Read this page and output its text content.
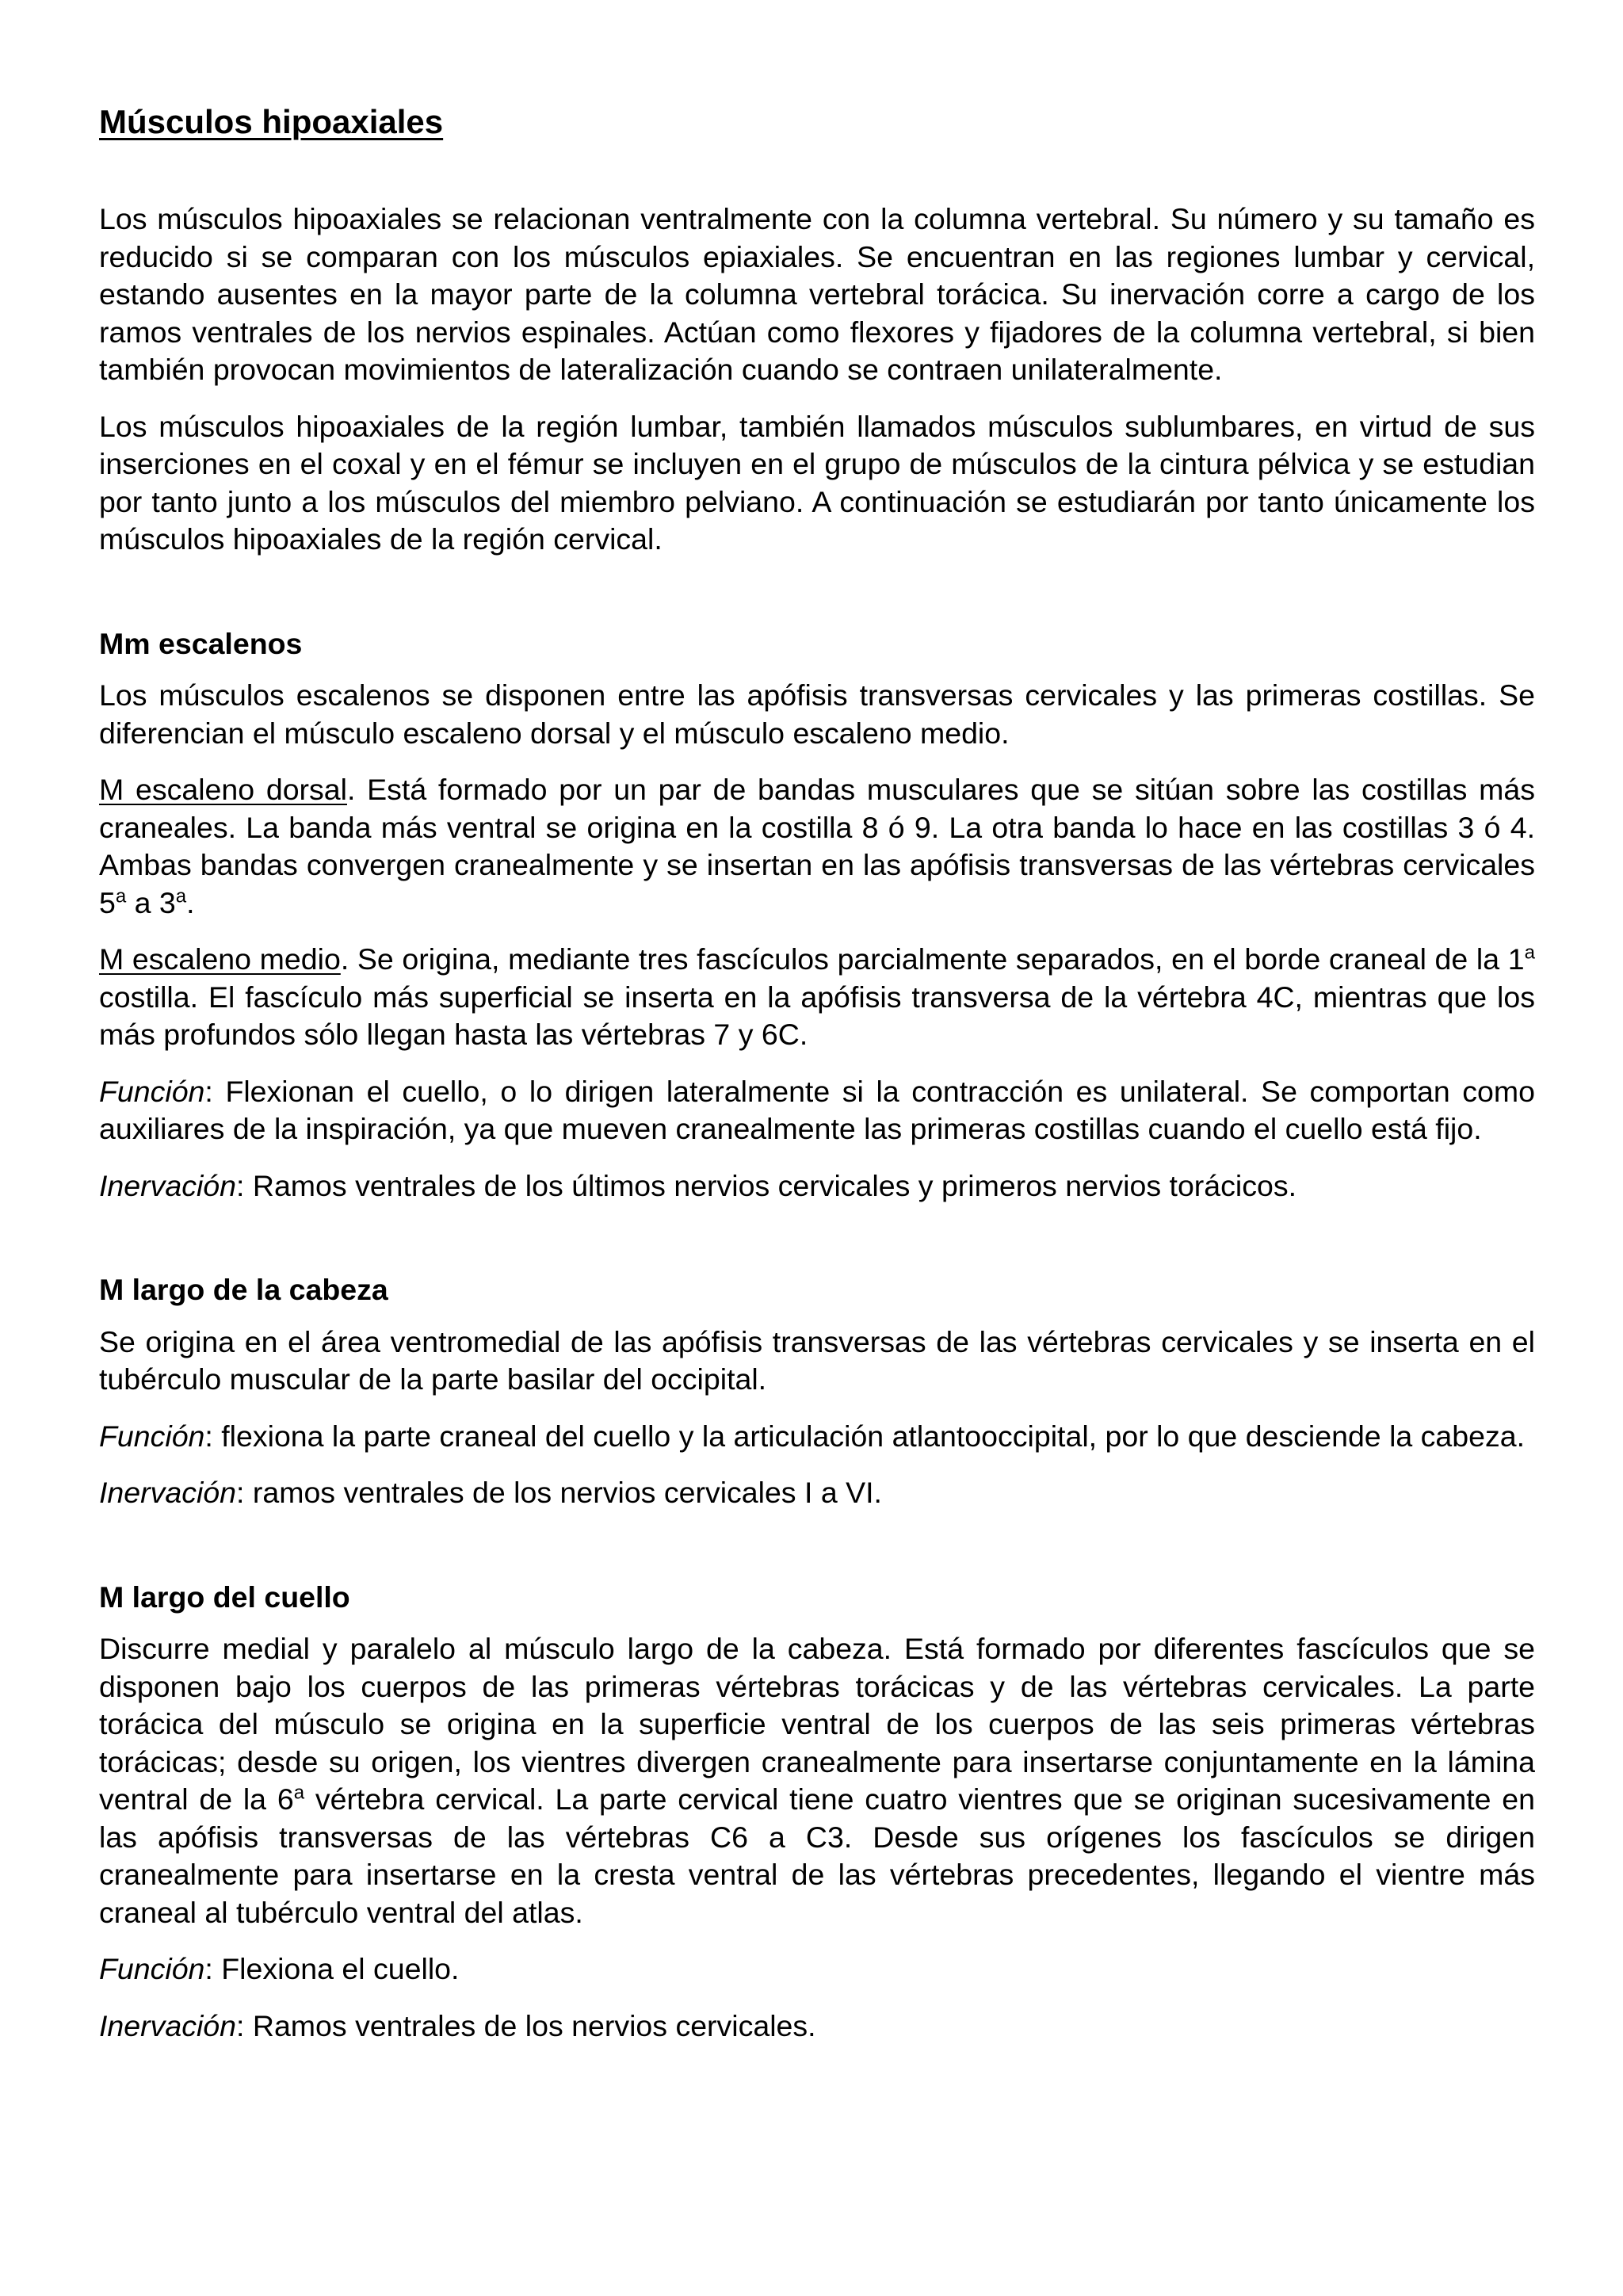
Músculos hipoaxiales

Los músculos hipoaxiales se relacionan ventralmente con la columna vertebral. Su número y su tamaño es reducido si se comparan con los músculos epiaxiales. Se encuentran en las regiones lumbar y cervical, estando ausentes en la mayor parte de la columna vertebral torácica. Su inervación corre a cargo de los ramos ventrales de los nervios espinales. Actúan como flexores y fijadores de la columna vertebral, si bien también provocan movimientos de lateralización cuando se contraen unilateralmente.

Los músculos hipoaxiales de la región lumbar, también llamados músculos sublumbares, en virtud de sus inserciones en el coxal y en el fémur se incluyen en el grupo de músculos de la cintura pélvica y se estudian por tanto junto a los músculos del miembro pelviano. A continuación se estudiarán por tanto únicamente los músculos hipoaxiales de la región cervical.

Mm escalenos

Los músculos escalenos se disponen entre las apófisis transversas cervicales y las primeras costillas. Se diferencian el músculo escaleno dorsal y el músculo escaleno medio.

M escaleno dorsal. Está formado por un par de bandas musculares que se sitúan sobre las costillas más craneales. La banda más ventral se origina en la costilla 8 ó 9. La otra banda lo hace en las costillas 3 ó 4. Ambas bandas convergen cranealmente y se insertan en las apófisis transversas de las vértebras cervicales 5$^a$ a 3$^a$.

M escaleno medio. Se origina, mediante tres fascículos parcialmente separados, en el borde craneal de la 1$^a$ costilla. El fascículo más superficial se inserta en la apófisis transversa de la vértebra 4C, mientras que los más profundos sólo llegan hasta las vértebras 7 y 6C.

Función: Flexionan el cuello, o lo dirigen lateralmente si la contracción es unilateral. Se comportan como auxiliares de la inspiración, ya que mueven cranealmente las primeras costillas cuando el cuello está fijo.

Inervación: Ramos ventrales de los últimos nervios cervicales y primeros nervios torácicos.

M largo de la cabeza

Se origina en el área ventromedial de las apófisis transversas de las vértebras cervicales y se inserta en el tubérculo muscular de la parte basilar del occipital.

Función: flexiona la parte craneal del cuello y la articulación atlantooccipital, por lo que desciende la cabeza.

Inervación: ramos ventrales de los nervios cervicales I a VI.

M largo del cuello

Discurre medial y paralelo al músculo largo de la cabeza. Está formado por diferentes fascículos que se disponen bajo los cuerpos de las primeras vértebras torácicas y de las vértebras cervicales. La parte torácica del músculo se origina en la superficie ventral de los cuerpos de las seis primeras vértebras torácicas; desde su origen, los vientres divergen cranealmente para insertarse conjuntamente en la lámina ventral de la 6$^a$ vértebra cervical. La parte cervical tiene cuatro vientres que se originan sucesivamente en las apófisis transversas de las vértebras C6 a C3. Desde sus orígenes los fascículos se dirigen cranealmente para insertarse en la cresta ventral de las vértebras precedentes, llegando el vientre más craneal al tubérculo ventral del atlas.

Función: Flexiona el cuello.

Inervación: Ramos ventrales de los nervios cervicales.
